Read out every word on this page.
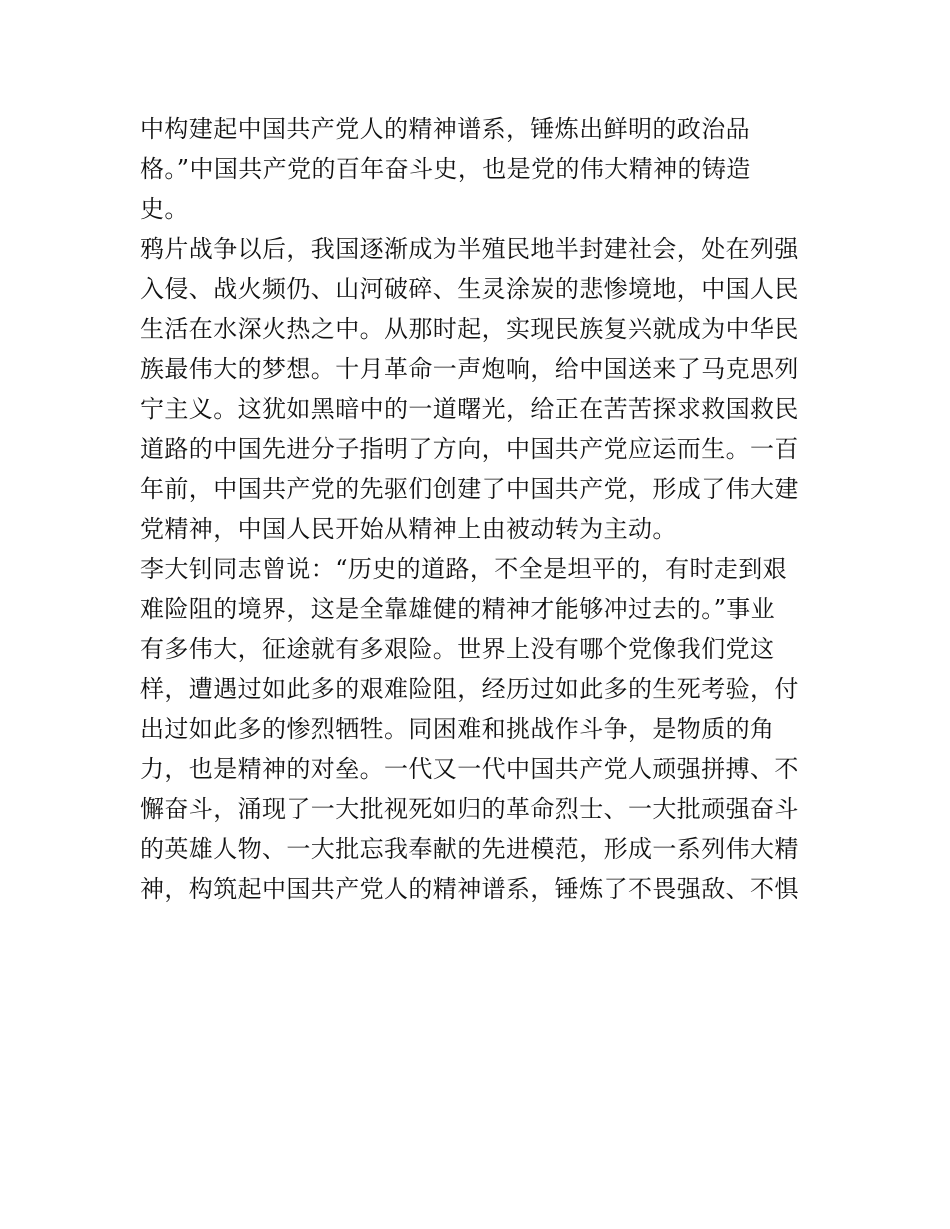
中构建起中国共产党人的精神谱系，锤炼出鲜明的政治品
格。”中国共产党的百年奋斗史，也是党的伟大精神的铸造
史。
鸦片战争以后，我国逐渐成为半殖民地半封建社会，处在列强
入侵、战火频仍、山河破碎、生灵涂炭的悲惨境地，中国人民
生活在水深火热之中。从那时起，实现民族复兴就成为中华民
族最伟大的梦想。十月革命一声炮响，给中国送来了马克思列
宁主义。这犹如黑暗中的一道曙光，给正在苦苦探求救国救民
道路的中国先进分子指明了方向，中国共产党应运而生。一百
年前，中国共产党的先驱们创建了中国共产党，形成了伟大建
党精神，中国人民开始从精神上由被动转为主动。
李大钊同志曾说：“历史的道路，不全是坦平的，有时走到艰
难险阻的境界，这是全靠雄健的精神才能够冲过去的。”事业
有多伟大，征途就有多艰险。世界上没有哪个党像我们党这
样，遭遇过如此多的艰难险阻，经历过如此多的生死考验，付
出过如此多的惨烈牺牲。同困难和挑战作斗争，是物质的角
力，也是精神的对垒。一代又一代中国共产党人顽强拼搏、不
懈奋斗，涌现了一大批视死如归的革命烈士、一大批顽强奋斗
的英雄人物、一大批忘我奉献的先进模范，形成一系列伟大精
神，构筑起中国共产党人的精神谱系，锤炼了不畏强敌、不惧
